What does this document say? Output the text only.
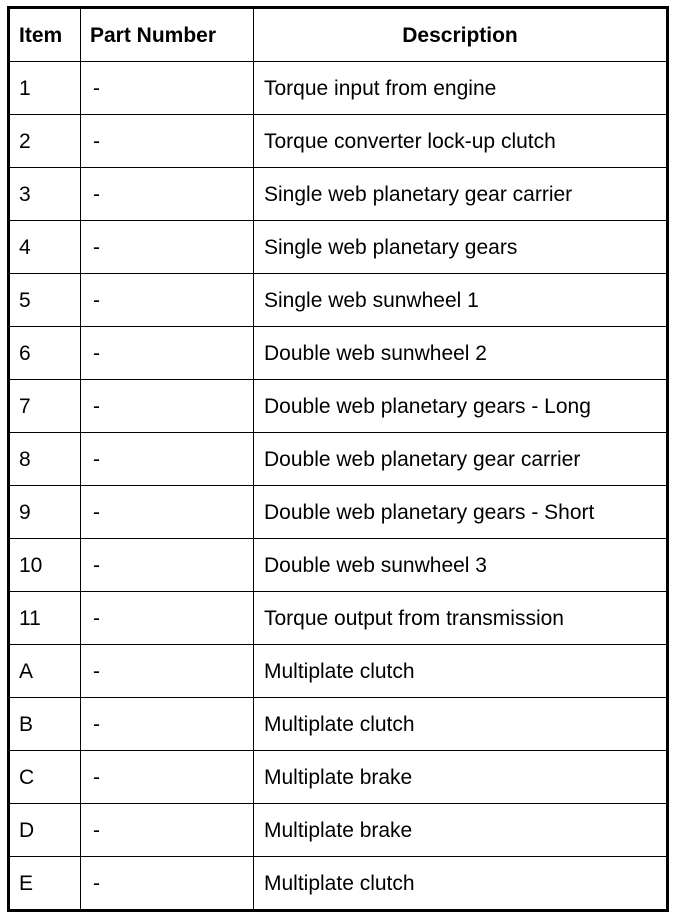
Item	Part Number	Description
1	-	Torque input from engine
2	-	Torque converter lock-up clutch
3	-	Single web planetary gear carrier
4	-	Single web planetary gears
5	-	Single web sunwheel 1
6	-	Double web sunwheel 2
7	-	Double web planetary gears - Long
8	-	Double web planetary gear carrier
9	-	Double web planetary gears - Short
10	-	Double web sunwheel 3
11	-	Torque output from transmission
A	-	Multiplate clutch
B	-	Multiplate clutch
C	-	Multiplate brake
D	-	Multiplate brake
E	-	Multiplate clutch
